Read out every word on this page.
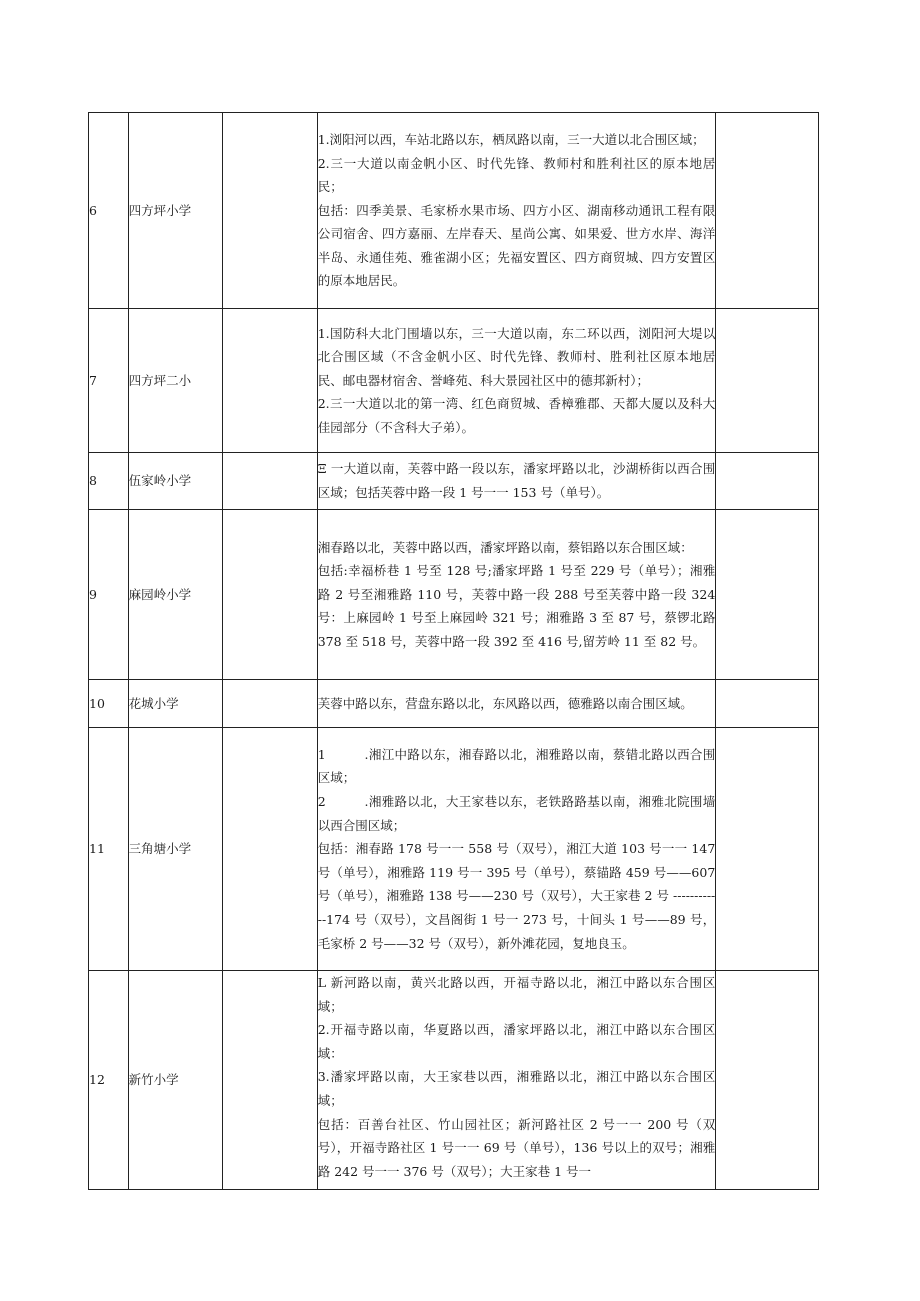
6	四方坪小学		1.浏阳河以西，车站北路以东，栖凤路以南，三一大道以北合围区域；
2.三一大道以南金帆小区、时代先锋、教师村和胜利社区的原本地居民；
包括：四季美景、毛家桥水果市场、四方小区、湖南移动通讯工程有限公司宿舍、四方嘉丽、左岸春天、星尚公寓、如果爱、世方水岸、海洋半岛、永通佳苑、雅雀湖小区；先福安置区、四方商贸城、四方安置区的原本地居民。	

7	四方坪二小		1.国防科大北门围墙以东，三一大道以南，东二环以西，浏阳河大堤以北合围区域（不含金帆小区、时代先锋、教师村、胜利社区原本地居民、邮电器材宿舍、誉峰苑、科大景园社区中的德邦新村）；
2.三一大道以北的第一湾、红色商贸城、香樟雅郡、天都大厦以及科大佳园部分（不含科大子弟）。	

8	伍家岭小学		Ξ 一大道以南，芙蓉中路一段以东，潘家坪路以北，沙湖桥街以西合围区域；包括芙蓉中路一段 1 号一一 153 号（单号）。	

9	麻园岭小学		湘春路以北，芙蓉中路以西，潘家坪路以南，蔡铝路以东合围区域：
包括:幸福桥巷 1 号至 128 号;潘家坪路 1 号至 229 号（单号）；湘雅路 2 号至湘雅路 110 号，芙蓉中路一段 288 号至芙蓉中路一段 324 号：上麻园岭 1 号至上麻园岭 321 号；湘雅路 3 至 87 号，蔡锣北路 378 至 518 号，芙蓉中路一段 392 至 416 号,留芳岭 11 至 82 号。	

10	花城小学		芙蓉中路以东，营盘东路以北，东风路以西，德雅路以南合围区域。	

11	三角塘小学		1　　　.湘江中路以东，湘春路以北，湘雅路以南，蔡错北路以西合围区域；
2　　　.湘雅路以北，大王家巷以东，老铁路路基以南，湘雅北院围墙以西合围区域；
包括：湘春路 178 号一一 558 号（双号），湘江大道 103 号一一 147 号（单号），湘雅路 119 号一 395 号（单号），蔡锚路 459 号——607 号（单号），湘雅路 138 号——230 号（双号），大王家巷 2 号 ------------174 号（双号），文昌阁街 1 号一 273 号，十间头 1 号——89 号，毛家桥 2 号——32 号（双号），新外滩花园，复地良玉。	

12	新竹小学		L 新河路以南，黄兴北路以西，开福寺路以北，湘江中路以东合围区域；
2.开福寺路以南，华夏路以西，潘家坪路以北，湘江中路以东合围区域：
3.潘家坪路以南，大王家巷以西，湘雅路以北，湘江中路以东合围区域；
包括：百善台社区、竹山园社区；新河路社区 2 号一一 200 号（双号），开福寺路社区 1 号一一 69 号（单号），136 号以上的双号；湘雅路 242 号一一 376 号（双号）；大王家巷 1 号一	
